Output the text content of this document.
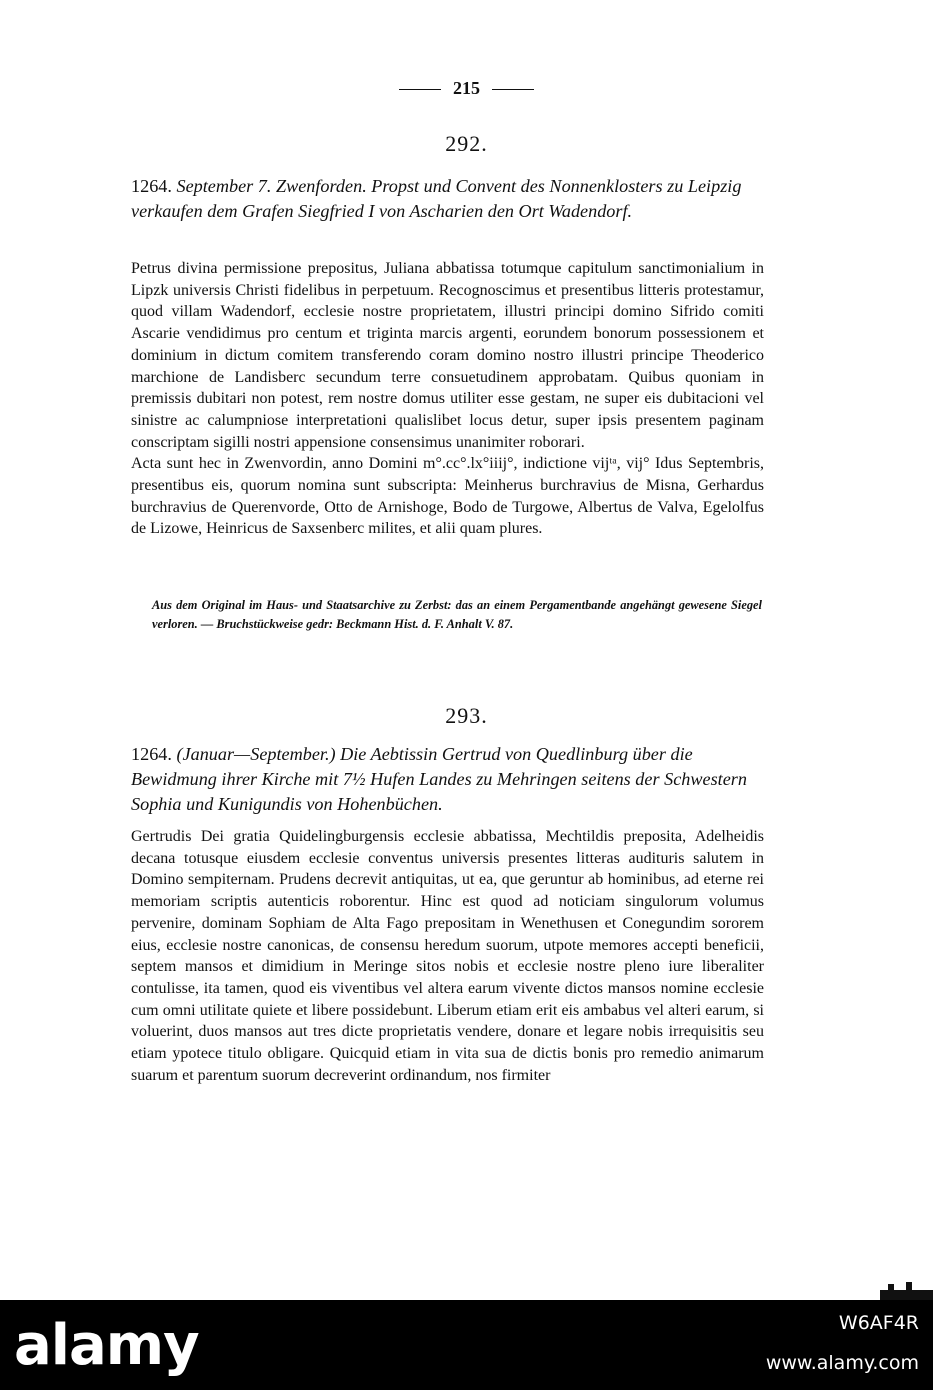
215
292.
1264. September 7. Zwenforden. Propst und Convent des Nonnenklosters zu Leipzig verkaufen dem Grafen Siegfried I von Ascharien den Ort Wadendorf.

Petrus divina permissione prepositus, Juliana abbatissa totumque capitulum sanctimonialium in Lipzk universis Christi fidelibus in perpetuum. Recognoscimus et presentibus litteris protestamur, quod villam Wadendorf, ecclesie nostre proprietatem, illustri principi domino Sifrido comiti Ascarie vendidimus pro centum et triginta marcis argenti, eorundem bonorum possessionem et dominium in dictum comitem transferendo coram domino nostro illustri principe Theoderico marchione de Landisberc secundum terre consuetudinem approbatam. Quibus quoniam in premissis dubitari non potest, rem nostre domus utiliter esse gestam, ne super eis dubitacioni vel sinistre ac calumpniose interpretationi qualislibet locus detur, super ipsis presentem paginam conscriptam sigilli nostri appensione consensimus unanimiter roborari.

Acta sunt hec in Zwenvordin, anno Domini m°.cc°.lx°iiij°, indictione vijᵗᵃ, vij° Idus Septembris, presentibus eis, quorum nomina sunt subscripta: Meinherus burchravius de Misna, Gerhardus burchravius de Querenvorde, Otto de Arnishoge, Bodo de Turgowe, Albertus de Valva, Egelolfus de Lizowe, Heinricus de Saxsenberc milites, et alii quam plures.

Aus dem Original im Haus- und Staatsarchive zu Zerbst: das an einem Pergamentbande angehängt gewesene Siegel verloren. — Bruchstückweise gedr: Beckmann Hist. d. F. Anhalt V. 87.
293.
1264. (Januar—September.) Die Aebtissin Gertrud von Quedlinburg über die Bewidmung ihrer Kirche mit 7½ Hufen Landes zu Mehringen seitens der Schwestern Sophia und Kunigundis von Hohenbüchen.

Gertrudis Dei gratia Quidelingburgensis ecclesie abbatissa, Mechtildis preposita, Adelheidis decana totusque eiusdem ecclesie conventus universis presentes litteras audituris salutem in Domino sempiternam. Prudens decrevit antiquitas, ut ea, que geruntur ab hominibus, ad eterne rei memoriam scriptis autenticis roborentur. Hinc est quod ad noticiam singulorum volumus pervenire, dominam Sophiam de Alta Fago prepositam in Wenethusen et Conegundim sororem eius, ecclesie nostre canonicas, de consensu heredum suorum, utpote memores accepti beneficii, septem mansos et dimidium in Meringe sitos nobis et ecclesie nostre pleno iure liberaliter contulisse, ita tamen, quod eis viventibus vel altera earum vivente dictos mansos nomine ecclesie cum omni utilitate quiete et libere possidebunt. Liberum etiam erit eis ambabus vel alteri earum, si voluerint, duos mansos aut tres dicte proprietatis vendere, donare et legare nobis irrequisitis seu etiam ypotece titulo obligare. Quicquid etiam in vita sua de dictis bonis pro remedio animarum suarum et parentum suorum decreverint ordinandum, nos firmiter

alamy	W6AF4R
www.alamy.com
